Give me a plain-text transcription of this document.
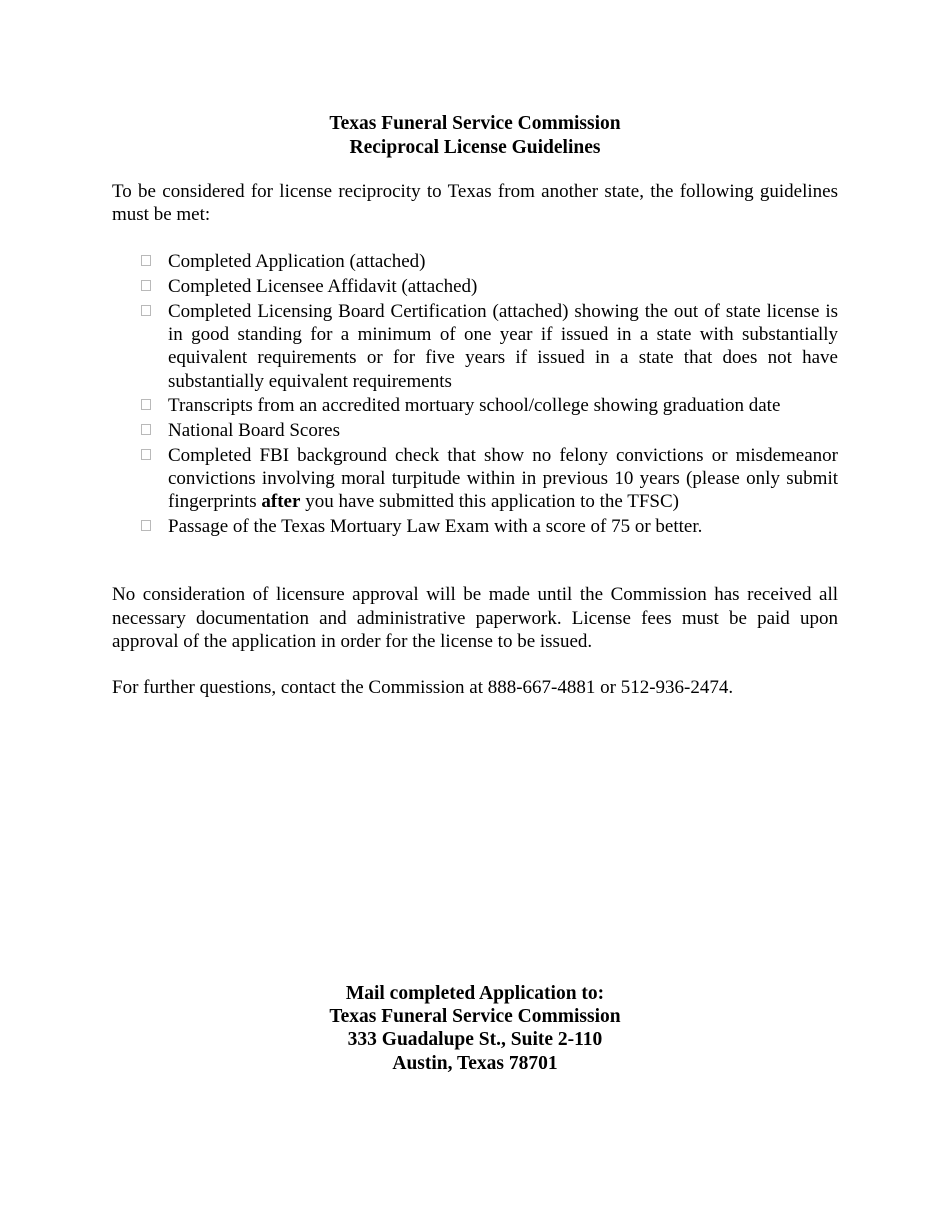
Texas Funeral Service Commission
Reciprocal License Guidelines
To be considered for license reciprocity to Texas from another state, the following guidelines must be met:
Completed Application (attached)
Completed Licensee Affidavit (attached)
Completed Licensing Board Certification (attached) showing the out of state license is in good standing for a minimum of one year if issued in a state with substantially equivalent requirements or for five years if issued in a state that does not have substantially equivalent requirements
Transcripts from an accredited mortuary school/college showing graduation date
National Board Scores
Completed FBI background check that show no felony convictions or misdemeanor convictions involving moral turpitude within in previous 10 years (please only submit fingerprints after you have submitted this application to the TFSC)
Passage of the Texas Mortuary Law Exam with a score of 75 or better.
No consideration of licensure approval will be made until the Commission has received all necessary documentation and administrative paperwork. License fees must be paid upon approval of the application in order for the license to be issued.
For further questions, contact the Commission at 888-667-4881 or 512-936-2474.
Mail completed Application to:
Texas Funeral Service Commission
333 Guadalupe St., Suite 2-110
Austin, Texas 78701
